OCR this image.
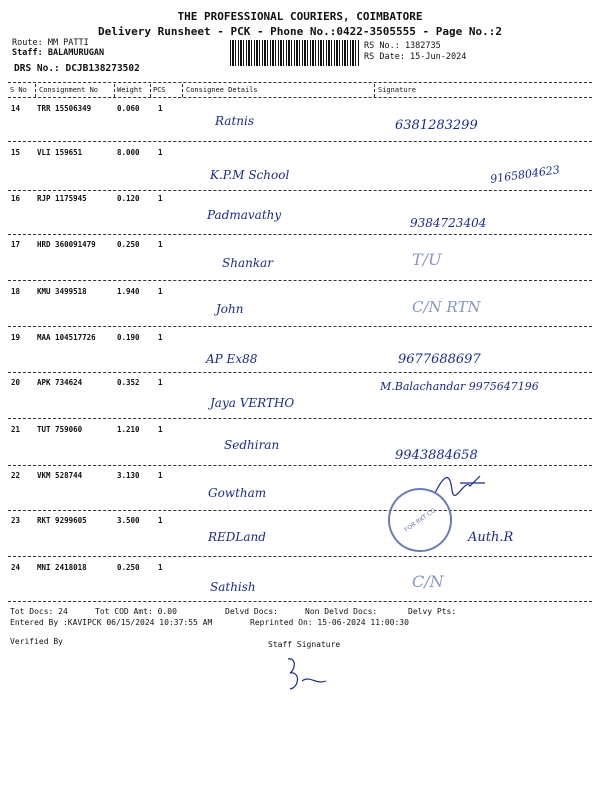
THE PROFESSIONAL COURIERS, COIMBATORE
Delivery Runsheet - PCK - Phone No.:0422-3505555 - Page No.:2
Route: MM PATTI
Staff: BALAMURUGAN
DRS No.: DCJB138273502
RS No.: 1382735
RS Date: 15-Jun-2024
S No Consignment No	Weight PCS	Consignee Details	Signature
14 TRR 15506349	0.060 1
Ratnis	6381283299
15 VLI 159651	8.000 1
K.P.M School	9165804623
16 RJP 1175945	0.120 1
Padmavathy
9384723404
17 HRD 360091479	0.250 1
Shankar	T/U
18 KMU 3499518	1.940 1
John	C/N RTN
19 MAA 104517726	0.190 1
AP Ex88	9677688697
20 APK 734624	0.352 1
Jaya VERTHO
M.Balachandar 9975647196
21 TUT 759060	1.210 1
Sedhiran
9943884658
22 VKM 528744	3.130 1
Gowtham
23 RKT 9299605	3.500 1
REDLand	Auth.R
24 MNI 2418018	0.250 1
Sathish	C/N
FOR RKT CO
Tot Docs: 24	Tot COD Amt: 0.00	Delvd Docs:	Non Delvd Docs:	Delvy Pts:
Entered By :KAVIPCK 06/15/2024 10:37:55 AM	Reprinted On: 15-06-2024 11:00:30
Verified By	Staff Signature
